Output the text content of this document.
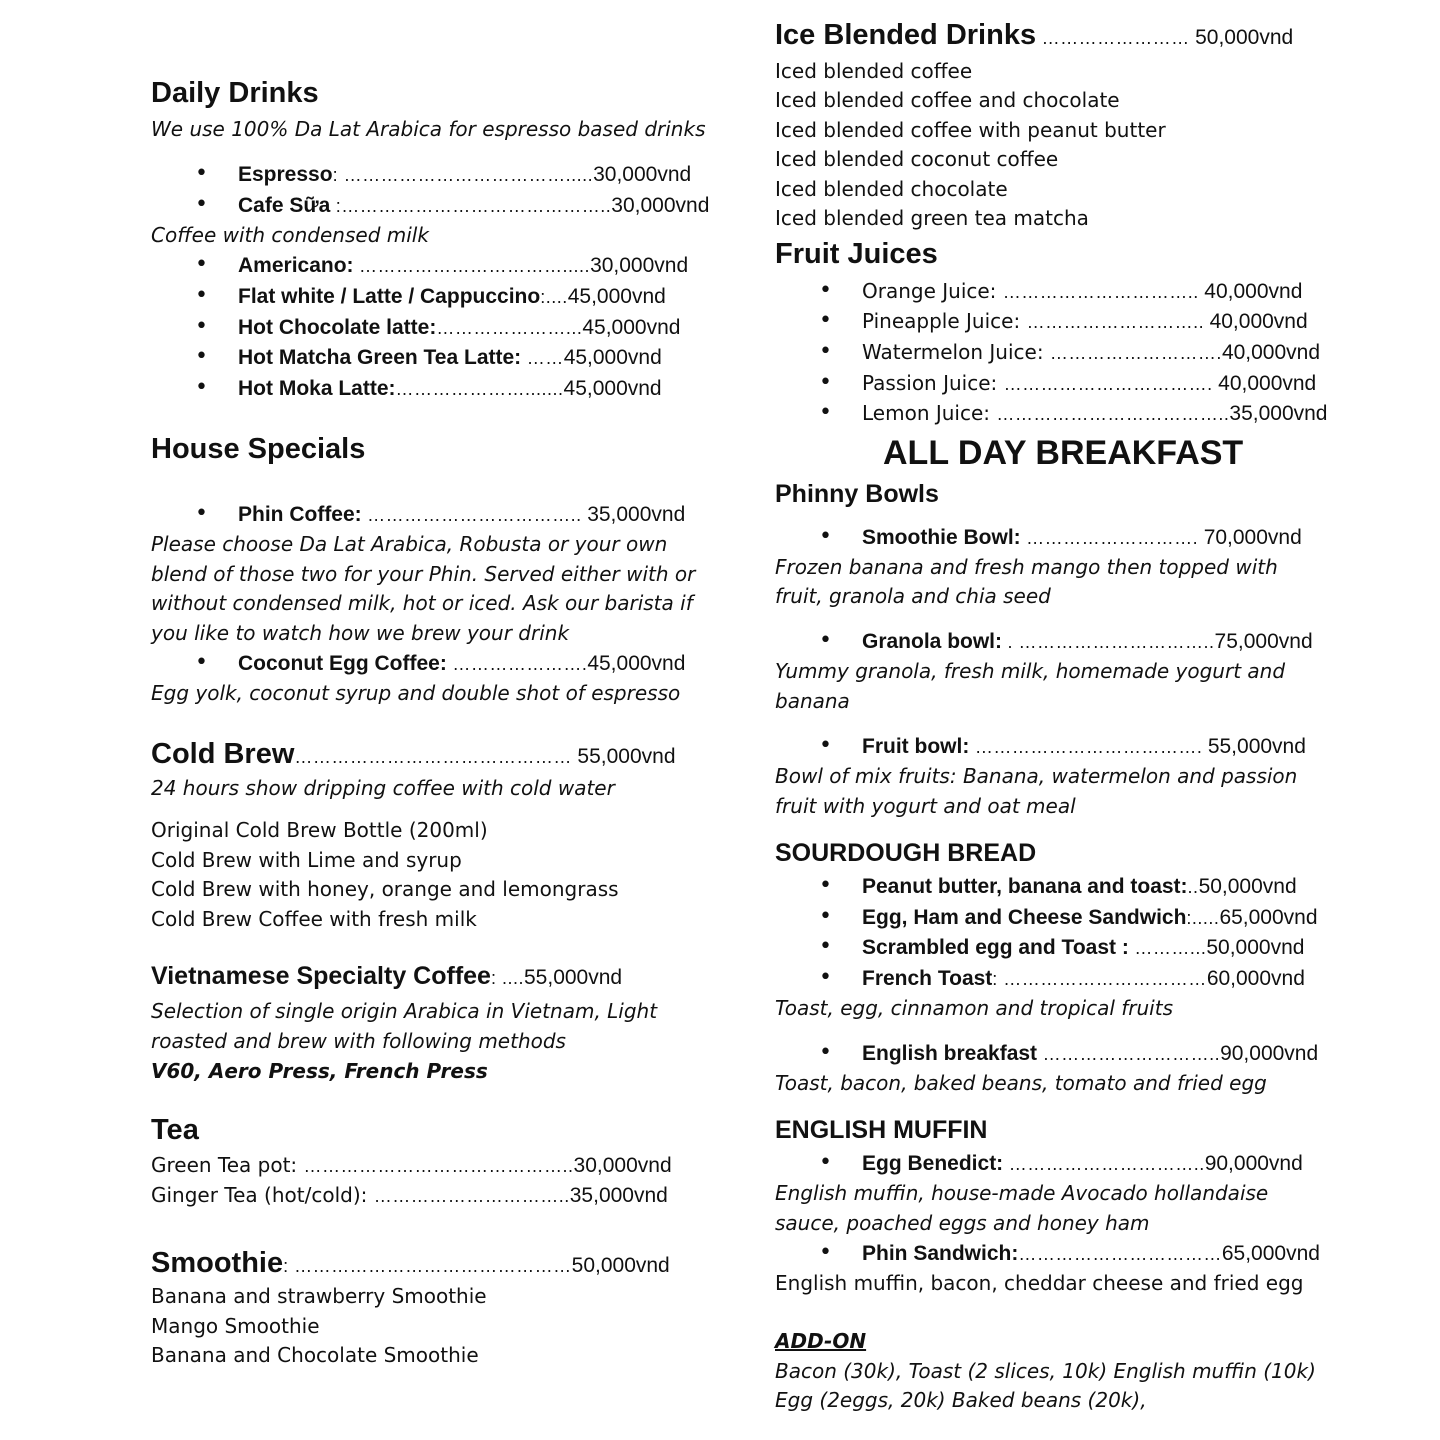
Daily Drinks
We use 100% Da Lat Arabica for espresso based drinks
• Espresso: ……………………………….....30,000vnd
• Cafe Sữa :……………………………………..30,000vnd
Coffee with condensed milk
• Americano: …………………………….....30,000vnd
• Flat white / Latte / Cappuccino:....45,000vnd
• Hot Chocolate latte:…………………...45,000vnd
• Hot Matcha Green Tea Latte: ……45,000vnd
• Hot Moka Latte:………………….......45,000vnd
House Specials
• Phin Coffee: …………………………….. 35,000vnd
Please choose Da Lat Arabica, Robusta or your own
blend of those two for your Phin. Served either with or
without condensed milk, hot or iced. Ask our barista if
you like to watch how we brew your drink
• Coconut Egg Coffee: ………………….45,000vnd
Egg yolk, coconut syrup and double shot of espresso
Cold Brew……………………………………… 55,000vnd
24 hours show dripping coffee with cold water
Original Cold Brew Bottle (200ml)
Cold Brew with Lime and syrup
Cold Brew with honey, orange and lemongrass
Cold Brew Coffee with fresh milk
Vietnamese Specialty Coffee: ....55,000vnd
Selection of single origin Arabica in Vietnam, Light
roasted and brew with following methods
V60, Aero Press, French Press
Tea
Green Tea pot: ……………………………………..30,000vnd
Ginger Tea (hot/cold): …………………………..35,000vnd
Smoothie: ………………………………………50,000vnd
Banana and strawberry Smoothie
Mango Smoothie
Banana and Chocolate Smoothie
Ice Blended Drinks …………………… 50,000vnd
Iced blended coffee
Iced blended coffee and chocolate
Iced blended coffee with peanut butter
Iced blended coconut coffee
Iced blended chocolate
Iced blended green tea matcha
Fruit Juices
• Orange Juice: ………………………….. 40,000vnd
• Pineapple Juice: ……………………….. 40,000vnd
• Watermelon Juice: ……………………….40,000vnd
• Passion Juice: ……………………………. 40,000vnd
• Lemon Juice: ………………………………..35,000vnd
ALL DAY BREAKFAST
Phinny Bowls
• Smoothie Bowl: ………………………. 70,000vnd
Frozen banana and fresh mango then topped with
fruit, granola and chia seed
• Granola bowl: . …………………………..75,000vnd
Yummy granola, fresh milk, homemade yogurt and
banana
• Fruit bowl: ………………………………. 55,000vnd
Bowl of mix fruits: Banana, watermelon and passion
fruit with yogurt and oat meal
SOURDOUGH BREAD
• Peanut butter, banana and toast:..50,000vnd
• Egg, Ham and Cheese Sandwich:.....65,000vnd
• Scrambled egg and Toast : ………...50,000vnd
• French Toast: ……………………………60,000vnd
Toast, egg, cinnamon and tropical fruits
• English breakfast ………………………..90,000vnd
Toast, bacon, baked beans, tomato and fried egg
ENGLISH MUFFIN
• Egg Benedict: …………………………..90,000vnd
English muffin, house-made Avocado hollandaise
sauce, poached eggs and honey ham
• Phin Sandwich:……………………………65,000vnd
English muffin, bacon, cheddar cheese and fried egg
ADD-ON
Bacon (30k), Toast (2 slices, 10k) English muffin (10k)
Egg (2eggs, 20k) Baked beans (20k),
